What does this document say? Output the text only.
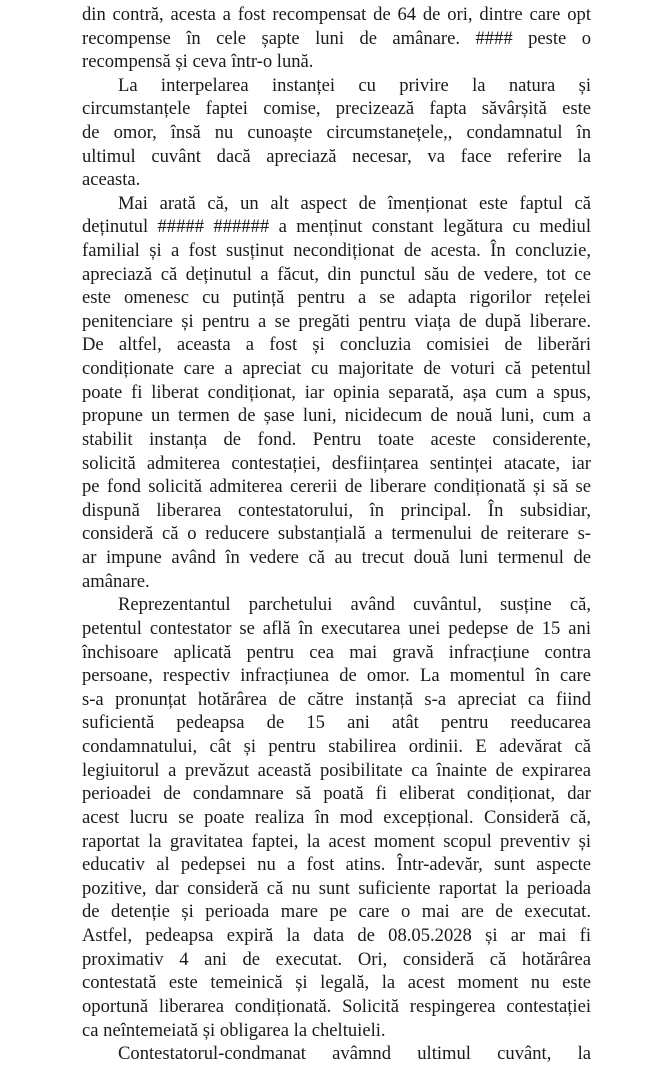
din contră, acesta a fost recompensat de 64 de ori, dintre care opt
recompense în cele șapte luni de amânare. #### peste o
recompensă și ceva într-o lună.
La interpelarea instanței cu privire la natura și
circumstanțele faptei comise, precizează fapta săvârșită este
de omor, însă nu cunoaște circumstanețele,, condamnatul în
ultimul cuvânt dacă apreciază necesar, va face referire la
aceasta.
Mai arată că, un alt aspect de îmenționat este faptul că
deținutul ##### ###### a menținut constant legătura cu mediul
familial și a fost susținut necondiționat de acesta. În concluzie,
apreciază că deținutul a făcut, din punctul său de vedere, tot ce
este omenesc cu putință pentru a se adapta rigorilor rețelei
penitenciare și pentru a se pregăti pentru viața de după liberare.
De altfel, aceasta a fost și concluzia comisiei de liberări
condiționate care a apreciat cu majoritate de voturi că petentul
poate fi liberat condiționat, iar opinia separată, așa cum a spus,
propune un termen de șase luni, nicidecum de nouă luni, cum a
stabilit instanța de fond. Pentru toate aceste considerente,
solicită admiterea contestației, desființarea sentinței atacate, iar
pe fond solicită admiterea cererii de liberare condiționată și să se
dispună liberarea contestatorului, în principal. În subsidiar,
consideră că o reducere substanțială a termenului de reiterare s-
ar impune având în vedere că au trecut două luni termenul de
amânare.
Reprezentantul parchetului având cuvântul, susține că,
petentul contestator se află în executarea unei pedepse de 15 ani
închisoare aplicată pentru cea mai gravă infracțiune contra
persoane, respectiv infracțiunea de omor. La momentul în care
s-a pronunțat hotărârea de către instanță s-a apreciat ca fiind
suficientă pedeapsa de 15 ani atât pentru reeducarea
condamnatului, cât și pentru stabilirea ordinii. E adevărat că
legiuitorul a prevăzut această posibilitate ca înainte de expirarea
perioadei de condamnare să poată fi eliberat condiționat, dar
acest lucru se poate realiza în mod excepțional. Consideră că,
raportat la gravitatea faptei, la acest moment scopul preventiv și
educativ al pedepsei nu a fost atins. Într-adevăr, sunt aspecte
pozitive, dar consideră că nu sunt suficiente raportat la perioada
de detenție și perioada mare pe care o mai are de executat.
Astfel, pedeapsa expiră la data de 08.05.2028 și ar mai fi
proximativ 4 ani de executat. Ori, consideră că hotărârea
contestată este temeinică și legală, la acest moment nu este
oportună liberarea condiționată. Solicită respingerea contestației
ca neîntemeiată și obligarea la cheltuieli.
Contestatorul-condmanat avâmnd ultimul cuvânt, la
